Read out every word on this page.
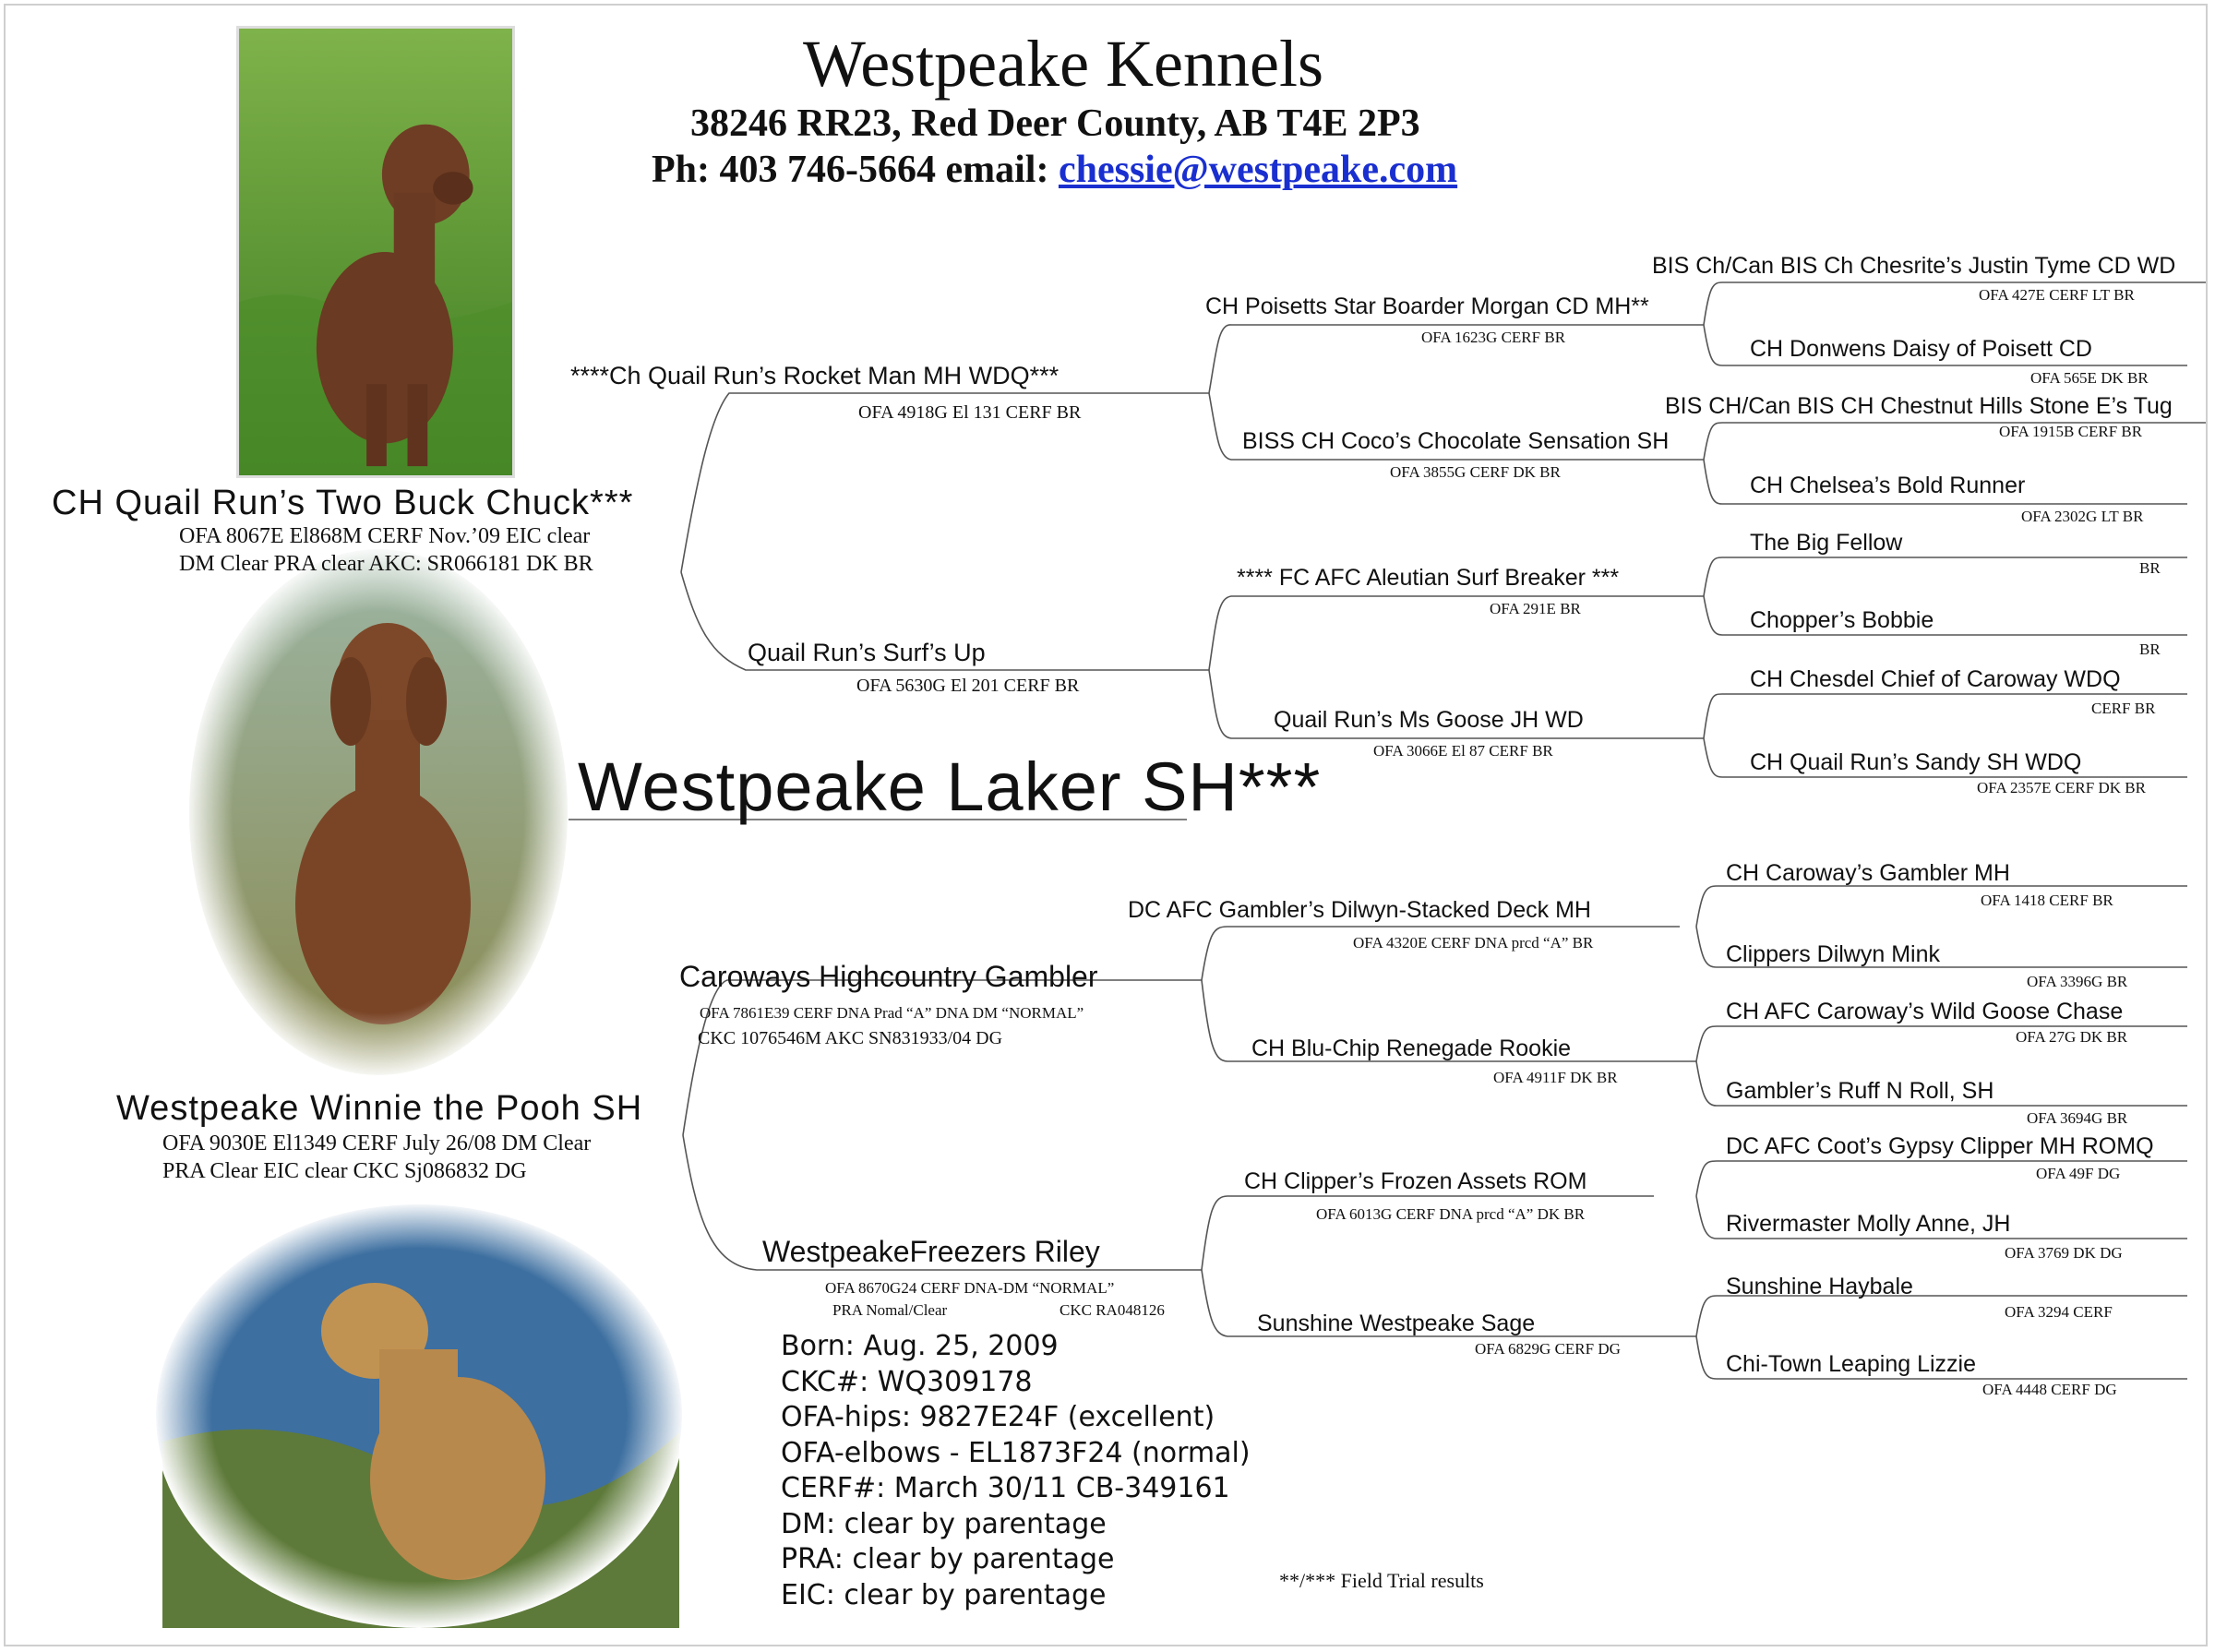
Westpeake Kennels
38246 RR23, Red Deer County, AB T4E 2P3
Ph: 403 746-5664 email: chessie@westpeake.com
Westpeake Laker SH***
CH Quail Run’s Two Buck Chuck***
OFA 8067E El868M CERF Nov.’09 EIC clear
DM Clear PRA clear AKC: SR066181 DK BR
****Ch Quail Run’s Rocket Man MH WDQ***
OFA 4918G El 131 CERF BR
Quail Run’s Surf’s Up
OFA 5630G El 201 CERF BR
CH Poisetts Star Boarder Morgan CD MH**
OFA 1623G CERF BR
BISS CH Coco’s Chocolate Sensation SH
OFA 3855G CERF DK BR
**** FC AFC Aleutian Surf Breaker ***
OFA 291E BR
Quail Run’s Ms Goose JH WD
OFA 3066E El 87 CERF BR
BIS Ch/Can BIS Ch Chesrite’s Justin Tyme CD WD
OFA 427E CERF LT BR
CH Donwens Daisy of Poisett CD
OFA 565E DK BR
BIS CH/Can BIS CH Chestnut Hills Stone E’s Tug
OFA 1915B CERF BR
CH Chelsea’s Bold Runner
OFA 2302G LT BR
The Big Fellow
BR
Chopper’s Bobbie
BR
CH Chesdel Chief of Caroway WDQ
CERF BR
CH Quail Run’s Sandy SH WDQ
OFA 2357E CERF DK BR
Westpeake Winnie the Pooh SH
OFA 9030E El1349 CERF July 26/08 DM Clear
PRA Clear EIC clear CKC Sj086832 DG
Caroways Highcountry Gambler
OFA 7861E39 CERF DNA Prad “A” DNA DM “NORMAL”
CKC 1076546M AKC SN831933/04 DG
WestpeakeFreezers Riley
OFA 8670G24 CERF DNA-DM “NORMAL”
PRA Nomal/Clear	CKC RA048126
DC AFC Gambler’s Dilwyn-Stacked Deck MH
OFA 4320E CERF DNA prcd “A” BR
CH Blu-Chip Renegade Rookie
OFA 4911F DK BR
CH Clipper’s Frozen Assets ROM
OFA 6013G CERF DNA prcd “A” DK BR
Sunshine Westpeake Sage
OFA 6829G CERF DG
CH Caroway’s Gambler MH
OFA 1418 CERF BR
Clippers Dilwyn Mink
OFA 3396G BR
CH AFC Caroway’s Wild Goose Chase
OFA 27G DK BR
Gambler’s Ruff N Roll, SH
OFA 3694G BR
DC AFC Coot’s Gypsy Clipper MH ROMQ
OFA 49F DG
Rivermaster Molly Anne, JH
OFA 3769 DK DG
Sunshine Haybale
OFA 3294 CERF
Chi-Town Leaping Lizzie
OFA 4448 CERF DG
Born: Aug. 25, 2009
CKC#: WQ309178
OFA-hips: 9827E24F (excellent)
OFA-elbows - EL1873F24 (normal)
CERF#: March 30/11 CB-349161
DM: clear by parentage
PRA: clear by parentage
EIC: clear by parentage	**/*** Field Trial results
